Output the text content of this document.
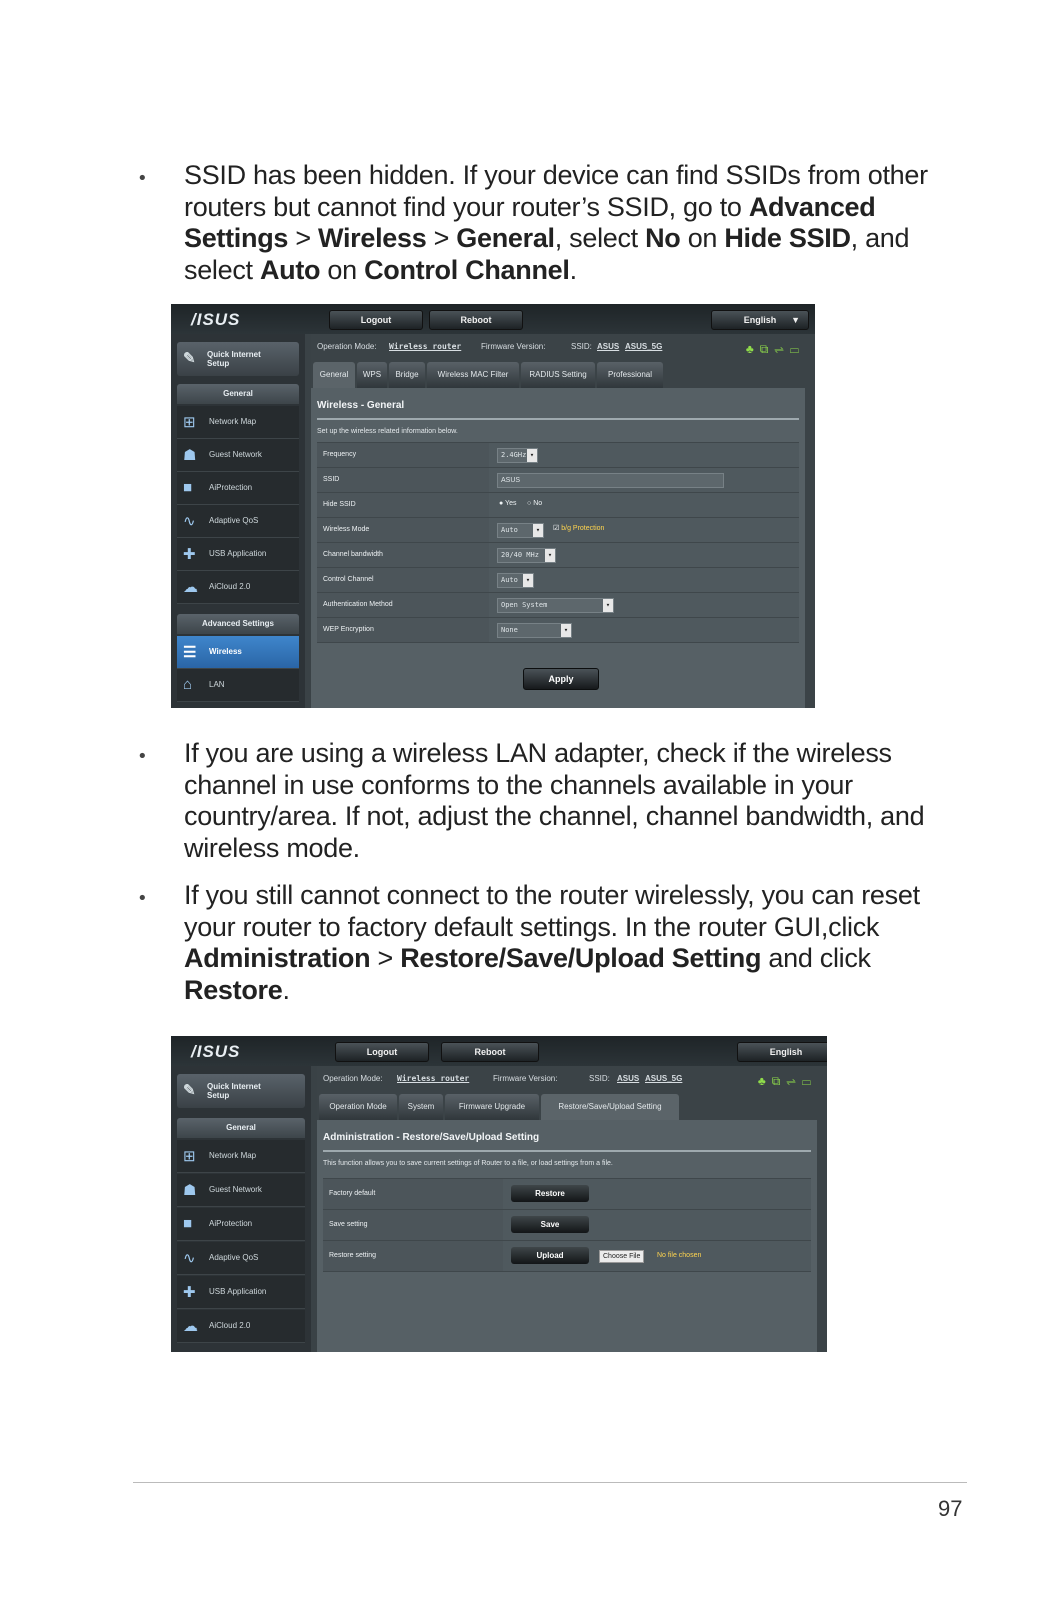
• SSID has been hidden. If your device can find SSIDs from other routers but cannot find your router’s SSID, go to Advanced Settings > Wireless > General, select No on Hide SSID, and select Auto on Control Channel.
/ISUS	Logout	Reboot	English ▼
✎ Quick Internet Setup
General
⊞ Network Map
☗ Guest Network
■ AiProtection
∿ Adaptive QoS
✚ USB Application
☁ AiCloud 2.0
Advanced Settings
☰ Wireless
⌂ LAN
Operation Mode: Wireless router Firmware Version:	SSID: ASUS ASUS_5G	♣⧉⇌▭
General	WPS	Bridge	Wireless MAC Filter	RADIUS Setting	Professional
Wireless - General
Set up the wireless related information below.
Frequency	2.4GHz ▾
SSID	ASUS
Hide SSID	● Yes ○ No
Wireless Mode	Auto	▾	☑ b/g Protection
Channel bandwidth	20/40 MHz	▾
Control Channel	Auto	▾
Authentication Method	Open System	▾
WEP Encryption	None	▾
Apply
• If you are using a wireless LAN adapter, check if the wireless channel in use conforms to the channels available in your country/area. If not, adjust the channel, channel bandwidth, and wireless mode.
• If you still cannot connect to the router wirelessly, you can reset your router to factory default settings. In the router GUI,click Administration > Restore/Save/Upload Setting and click Restore.
/ISUS	Logout	Reboot	English
✎ Quick Internet Setup
General
⊞ Network Map
☗ Guest Network
■ AiProtection
∿ Adaptive QoS
✚ USB Application
☁ AiCloud 2.0
Operation Mode: Wireless router	Firmware Version:	SSID: ASUS ASUS_5G	♣⧉⇌▭
Operation Mode	System	Firmware Upgrade	Restore/Save/Upload Setting
Administration - Restore/Save/Upload Setting
This function allows you to save current settings of Router to a file, or load settings from a file.
Factory default	Restore
Save setting	Save
Restore setting	Upload	Choose File	No file chosen
97
